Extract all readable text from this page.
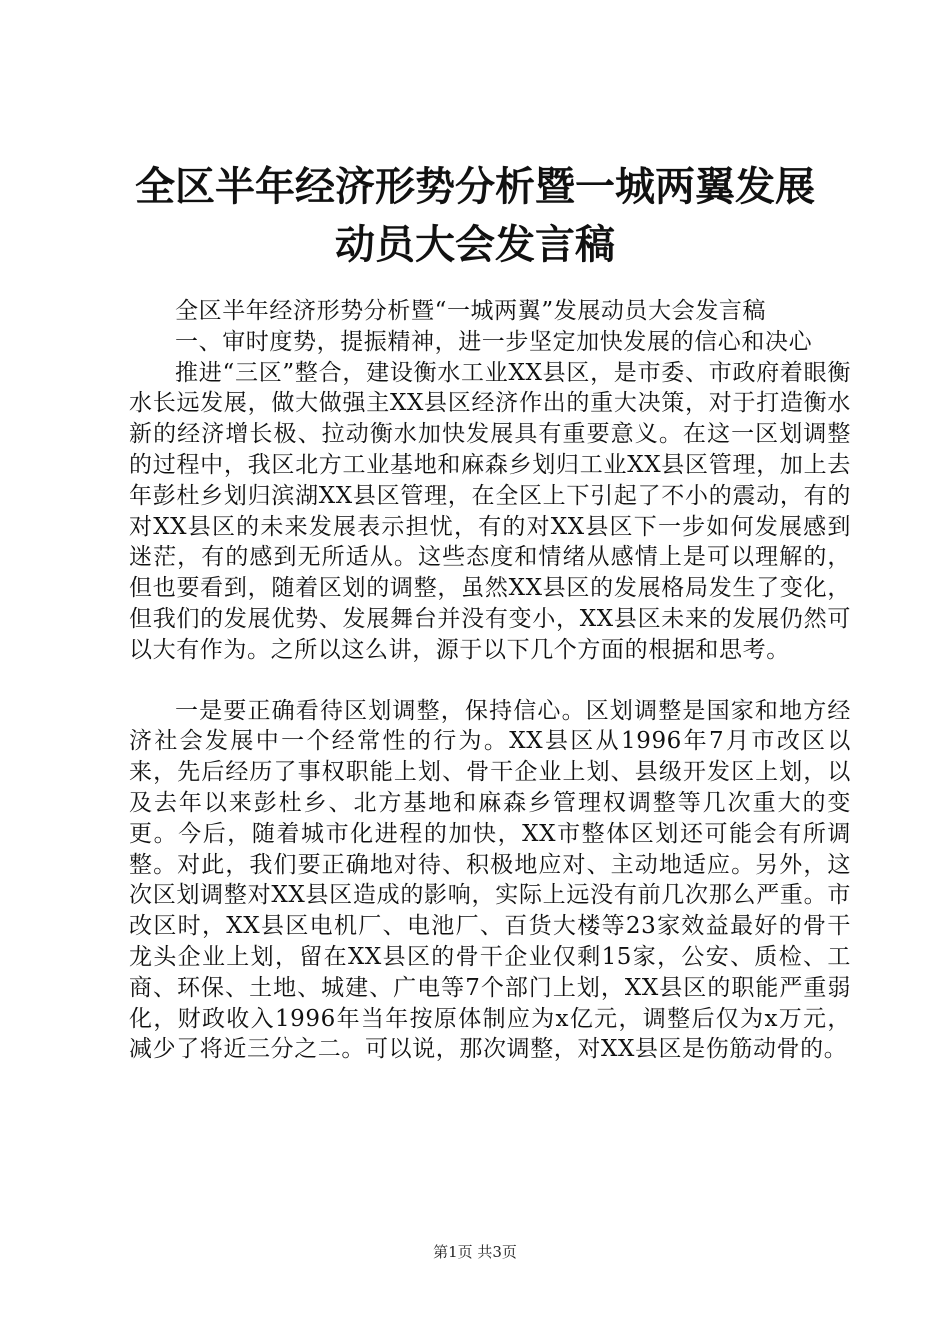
全区半年经济形势分析暨一城两翼发展动员大会发言稿

全区半年经济形势分析暨“一城两翼”发展动员大会发言稿

一、审时度势，提振精神，进一步坚定加快发展的信心和决心

推进“三区”整合，建设衡水工业XX县区，是市委、市政府着眼衡水长远发展，做大做强主XX县区经济作出的重大决策，对于打造衡水新的经济增长极、拉动衡水加快发展具有重要意义。在这一区划调整的过程中，我区北方工业基地和麻森乡划归工业XX县区管理，加上去年彭杜乡划归滨湖XX县区管理，在全区上下引起了不小的震动，有的对XX县区的未来发展表示担忧，有的对XX县区下一步如何发展感到迷茫，有的感到无所适从。这些态度和情绪从感情上是可以理解的，但也要看到，随着区划的调整，虽然XX县区的发展格局发生了变化，但我们的发展优势、发展舞台并没有变小，XX县区未来的发展仍然可以大有作为。之所以这么讲，源于以下几个方面的根据和思考。

一是要正确看待区划调整，保持信心。区划调整是国家和地方经济社会发展中一个经常性的行为。XX县区从1996年7月市改区以来，先后经历了事权职能上划、骨干企业上划、县级开发区上划，以及去年以来彭杜乡、北方基地和麻森乡管理权调整等几次重大的变更。今后，随着城市化进程的加快，XX市整体区划还可能会有所调整。对此，我们要正确地对待、积极地应对、主动地适应。另外，这次区划调整对XX县区造成的影响，实际上远没有前几次那么严重。市改区时，XX县区电机厂、电池厂、百货大楼等23家效益最好的骨干龙头企业上划，留在XX县区的骨干企业仅剩15家，公安、质检、工商、环保、土地、城建、广电等7个部门上划，XX县区的职能严重弱化，财政收入1996年当年按原体制应为x亿元，调整后仅为x万元，减少了将近三分之二。可以说，那次调整，对XX县区是伤筋动骨的。

第1页 共3页
